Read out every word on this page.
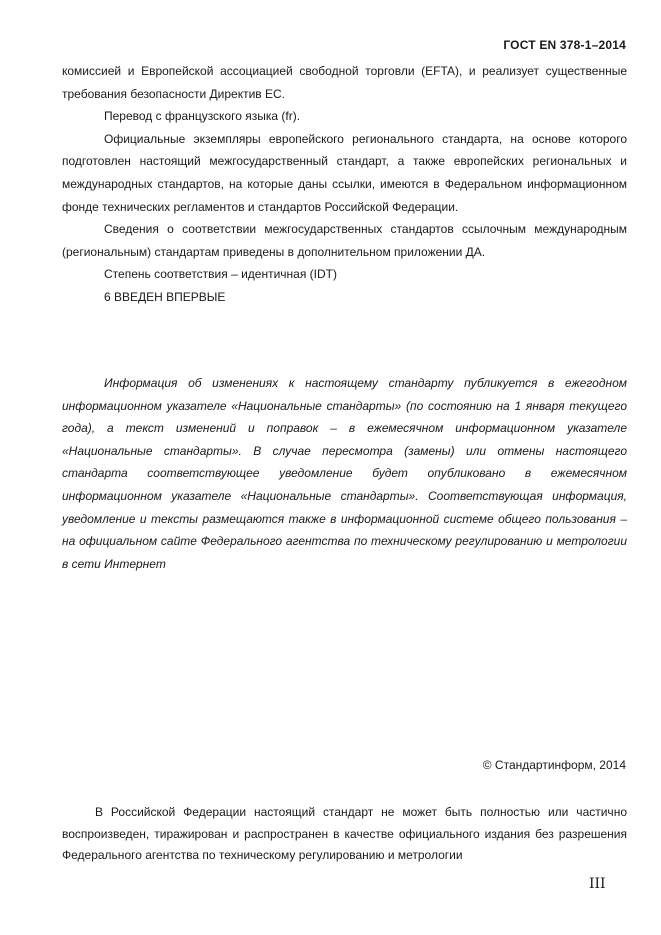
ГОСТ EN 378-1–2014

комиссией и Европейской ассоциацией свободной торговли (EFTA), и реализует существенные требования безопасности Директив ЕС.

Перевод с французского языка (fr).

Официальные экземпляры европейского регионального стандарта, на основе которого подготовлен настоящий межгосударственный стандарт, а также европейских региональных и международных стандартов, на которые даны ссылки, имеются в Федеральном информационном фонде технических регламентов и стандартов Российской Федерации.

Сведения о соответствии межгосударственных стандартов ссылочным международным (региональным) стандартам приведены в дополнительном приложении ДА.

Степень соответствия – идентичная (IDT)

6 ВВЕДЕН ВПЕРВЫЕ

Информация об изменениях к настоящему стандарту публикуется в ежегодном информационном указателе «Национальные стандарты» (по состоянию на 1 января текущего года), а текст изменений и поправок – в ежемесячном информационном указателе «Национальные стандарты». В случае пересмотра (замены) или отмены настоящего стандарта соответствующее уведомление будет опубликовано в ежемесячном информационном указателе «Национальные стандарты». Соответствующая информация, уведомление и тексты размещаются также в информационной системе общего пользования – на официальном сайте Федерального агентства по техническому регулированию и метрологии в сети Интернет

© Стандартинформ, 2014

В Российской Федерации настоящий стандарт не может быть полностью или частично воспроизведен, тиражирован и распространен в качестве официального издания без разрешения Федерального агентства по техническому регулированию и метрологии

III
